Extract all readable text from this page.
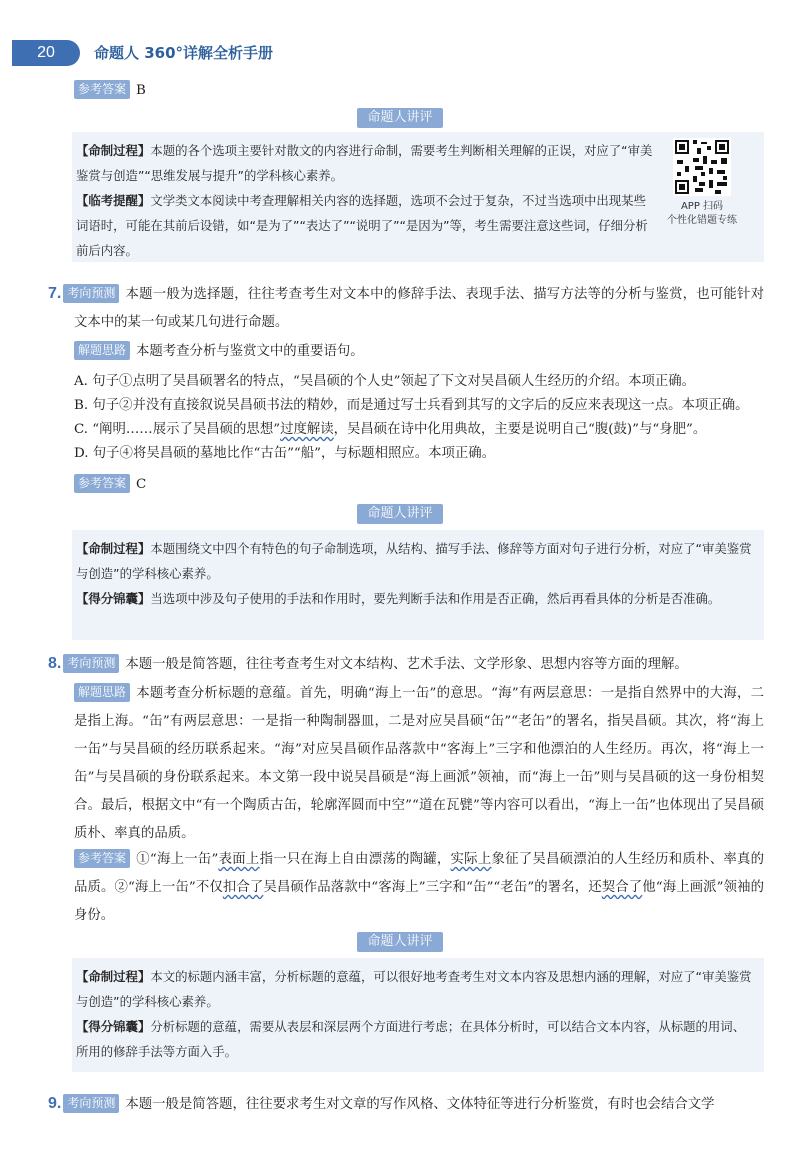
20	命题人 360°详解全析手册
参考答案 B
命题人讲评
【命制过程】本题的各个选项主要针对散文的内容进行命制，需要考生判断相关理解的正误，对应了“审美鉴赏与创造”“思维发展与提升”的学科核心素养。
【临考提醒】文学类文本阅读中考查理解相关内容的选择题，选项不会过于复杂，不过当选项中出现某些词语时，可能在其前后设错，如“是为了”“表达了”“说明了”“是因为”等，考生需要注意这些词，仔细分析前后内容。
APP 扫码
个性化错题专练
7. 考向预测 本题一般为选择题，往往考查考生对文本中的修辞手法、表现手法、描写方法等的分析与鉴赏，也可能针对文本中的某一句或某几句进行命题。
解题思路 本题考查分析与鉴赏文中的重要语句。
A. 句子①点明了吴昌硕署名的特点，“吴昌硕的个人史”领起了下文对吴昌硕人生经历的介绍。本项正确。
B. 句子②并没有直接叙说吴昌硕书法的精妙，而是通过写士兵看到其写的文字后的反应来表现这一点。本项正确。
C. “阐明……展示了吴昌硕的思想”过度解读，吴昌硕在诗中化用典故，主要是说明自己“腹(鼓)”与“身肥”。
D. 句子④将吴昌硕的墓地比作“古缶”“船”，与标题相照应。本项正确。
参考答案 C
命题人讲评
【命制过程】本题围绕文中四个有特色的句子命制选项，从结构、描写手法、修辞等方面对句子进行分析，对应了“审美鉴赏与创造”的学科核心素养。
【得分锦囊】当选项中涉及句子使用的手法和作用时，要先判断手法和作用是否正确，然后再看具体的分析是否准确。
8. 考向预测 本题一般是简答题，往往考查考生对文本结构、艺术手法、文学形象、思想内容等方面的理解。
解题思路 本题考查分析标题的意蕴。首先，明确“海上一缶”的意思。“海”有两层意思：一是指自然界中的大海，二是指上海。“缶”有两层意思：一是指一种陶制器皿，二是对应吴昌硕“缶”“老缶”的署名，指吴昌硕。其次，将“海上一缶”与吴昌硕的经历联系起来。“海”对应吴昌硕作品落款中“客海上”三字和他漂泊的人生经历。再次，将“海上一缶”与吴昌硕的身份联系起来。本文第一段中说吴昌硕是“海上画派”领袖，而“海上一缶”则与吴昌硕的这一身份相契合。最后，根据文中“有一个陶质古缶，轮廓浑圆而中空”“道在瓦甓”等内容可以看出，“海上一缶”也体现出了吴昌硕质朴、率真的品质。
参考答案 ①“海上一缶”表面上指一只在海上自由漂荡的陶罐，实际上象征了吴昌硕漂泊的人生经历和质朴、率真的品质。②“海上一缶”不仅扣合了吴昌硕作品落款中“客海上”三字和“缶”“老缶”的署名，还契合了他“海上画派”领袖的身份。
命题人讲评
【命制过程】本文的标题内涵丰富，分析标题的意蕴，可以很好地考查考生对文本内容及思想内涵的理解，对应了“审美鉴赏与创造”的学科核心素养。
【得分锦囊】分析标题的意蕴，需要从表层和深层两个方面进行考虑；在具体分析时，可以结合文本内容，从标题的用词、所用的修辞手法等方面入手。
9. 考向预测 本题一般是简答题，往往要求考生对文章的写作风格、文体特征等进行分析鉴赏，有时也会结合文学
